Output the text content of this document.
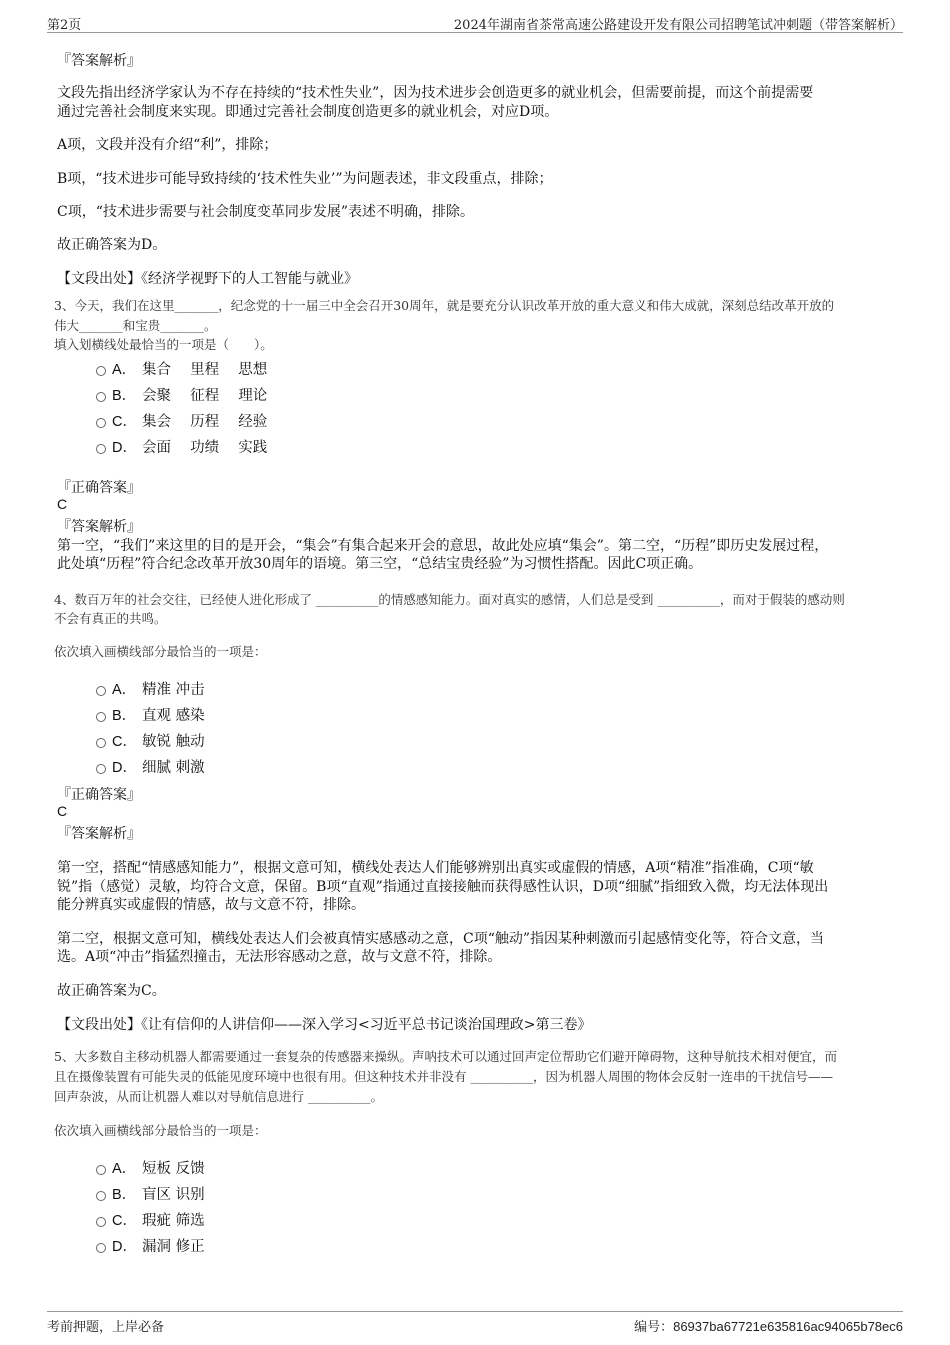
第2页	2024年湖南省茶常高速公路建设开发有限公司招聘笔试冲刺题（带答案解析）
『答案解析』
文段先指出经济学家认为不存在持续的“技术性失业”，因为技术进步会创造更多的就业机会，但需要前提，而这个前提需要
通过完善社会制度来实现。即通过完善社会制度创造更多的就业机会，对应D项。
A项，文段并没有介绍“利”，排除；
B项，“技术进步可能导致持续的‘技术性失业’”为问题表述，非文段重点，排除；
C项，“技术进步需要与社会制度变革同步发展”表述不明确，排除。
故正确答案为D。
【文段出处】《经济学视野下的人工智能与就业》
3、今天，我们在这里_______，纪念党的十一届三中全会召开30周年，就是要充分认识改革开放的重大意义和伟大成就，深刻总结改革开放的
伟大_______和宝贵_______。
填入划横线处最恰当的一项是（　　）。
A． 集合　 里程　 思想
B． 会聚　 征程　 理论
C． 集会　 历程　 经验
D． 会面　 功绩　 实践
『正确答案』
C
『答案解析』
第一空，“我们”来这里的目的是开会，“集会”有集合起来开会的意思，故此处应填“集会”。第二空，“历程”即历史发展过程，
此处填“历程”符合纪念改革开放30周年的语境。第三空，“总结宝贵经验”为习惯性搭配。因此C项正确。
4、数百万年的社会交往，已经使人进化形成了 __________的情感感知能力。面对真实的感情，人们总是受到 __________，而对于假装的感动则
不会有真正的共鸣。
依次填入画横线部分最恰当的一项是：
A． 精准 冲击
B． 直观 感染
C． 敏锐 触动
D． 细腻 刺激
『正确答案』
C
『答案解析』
第一空，搭配“情感感知能力”，根据文意可知，横线处表达人们能够辨别出真实或虚假的情感，A项“精准”指准确，C项“敏
锐”指（感觉）灵敏，均符合文意，保留。B项“直观”指通过直接接触而获得感性认识，D项“细腻”指细致入微，均无法体现出
能分辨真实或虚假的情感，故与文意不符，排除。
第二空，根据文意可知，横线处表达人们会被真情实感感动之意，C项“触动”指因某种刺激而引起感情变化等，符合文意，当
选。A项“冲击”指猛烈撞击，无法形容感动之意，故与文意不符，排除。
故正确答案为C。
【文段出处】《让有信仰的人讲信仰——深入学习<习近平总书记谈治国理政>第三卷》
5、大多数自主移动机器人都需要通过一套复杂的传感器来操纵。声呐技术可以通过回声定位帮助它们避开障碍物，这种导航技术相对便宜，而
且在摄像装置有可能失灵的低能见度环境中也很有用。但这种技术并非没有 __________，因为机器人周围的物体会反射一连串的干扰信号——
回声杂波，从而让机器人难以对导航信息进行 __________。
依次填入画横线部分最恰当的一项是：
A． 短板 反馈
B． 盲区 识别
C． 瑕疵 筛选
D． 漏洞 修正
考前押题，上岸必备	编号：86937ba67721e635816ac94065b78ec6
